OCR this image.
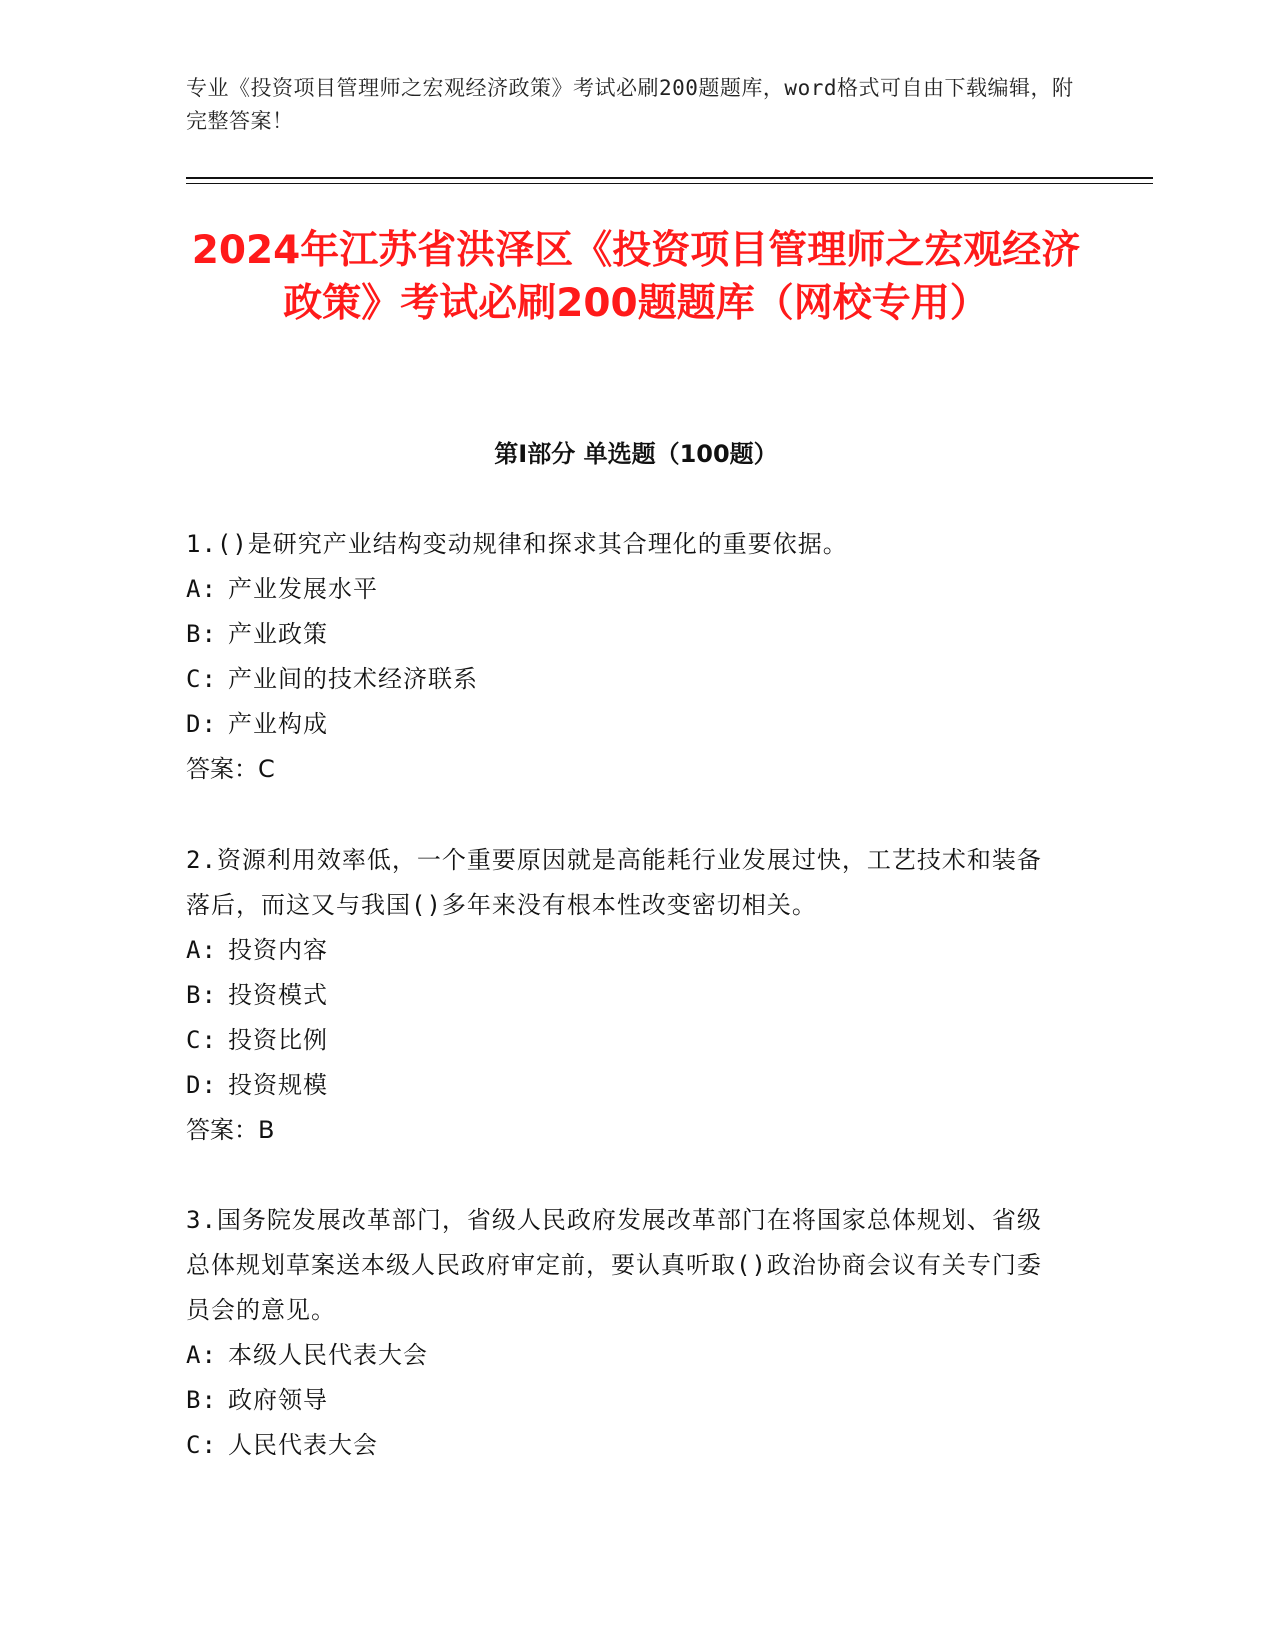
专业《投资项目管理师之宏观经济政策》考试必刷200题题库，word格式可自由下载编辑，附完整答案！
2024年江苏省洪泽区《投资项目管理师之宏观经济政策》考试必刷200题题库（网校专用）
第I部分 单选题（100题）
1.()是研究产业结构变动规律和探求其合理化的重要依据。
A: 产业发展水平
B: 产业政策
C: 产业间的技术经济联系
D: 产业构成
答案：C
2.资源利用效率低，一个重要原因就是高能耗行业发展过快，工艺技术和装备落后，而这又与我国()多年来没有根本性改变密切相关。
A: 投资内容
B: 投资模式
C: 投资比例
D: 投资规模
答案：B
3.国务院发展改革部门，省级人民政府发展改革部门在将国家总体规划、省级总体规划草案送本级人民政府审定前，要认真听取()政治协商会议有关专门委员会的意见。
A: 本级人民代表大会
B: 政府领导
C: 人民代表大会
